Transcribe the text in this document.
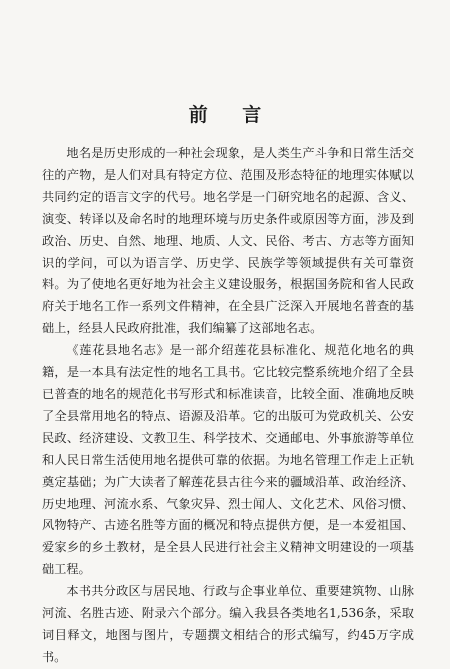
前 言

地名是历史形成的一种社会现象，是人类生产斗争和日常生活交往的产物，是人们对具有特定方位、范围及形态特征的地理实体赋以共同约定的语言文字的代号。地名学是一门研究地名的起源、含义、演变、转译以及命名时的地理环境与历史条件或原因等方面，涉及到政治、历史、自然、地理、地质、人文、民俗、考古、方志等方面知识的学问，可以为语言学、历史学、民族学等领域提供有关可靠资料。为了使地名更好地为社会主义建设服务，根据国务院和省人民政府关于地名工作一系列文件精神，在全县广泛深入开展地名普查的基础上，经县人民政府批准，我们编纂了这部地名志。

《莲花县地名志》是一部介绍莲花县标准化、规范化地名的典籍，是一本具有法定性的地名工具书。它比较完整系统地介绍了全县已普查的地名的规范化书写形式和标准读音，比较全面、准确地反映了全县常用地名的特点、语源及沿革。它的出版可为党政机关、公安民政、经济建设、文教卫生、科学技术、交通邮电、外事旅游等单位和人民日常生活使用地名提供可靠的依据。为地名管理工作走上正轨奠定基础；为广大读者了解莲花县古往今来的疆域沿革、政治经济、历史地理、河流水系、气象灾异、烈士闻人、文化艺术、风俗习惯、风物特产、古迹名胜等方面的概况和特点提供方便，是一本爱祖国、爱家乡的乡土教材，是全县人民进行社会主义精神文明建设的一项基础工程。

本书共分政区与居民地、行政与企事业单位、重要建筑物、山脉河流、名胜古迹、附录六个部分。编入我县各类地名1,536条，采取词目释文，地图与图片，专题撰文相结合的形式编写，约45万字成书。
